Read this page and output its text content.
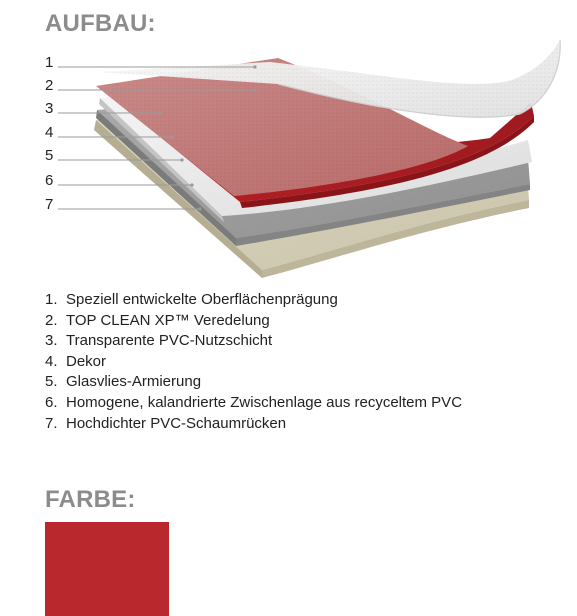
AUFBAU:
1
2
3
4
5
6
7
1. Speziell entwickelte Oberflächenprägung
2. TOP CLEAN XP™ Veredelung
3. Transparente PVC-Nutzschicht
4. Dekor
5. Glasvlies-Armierung
6. Homogene, kalandrierte Zwischenlage aus recyceltem PVC
7. Hochdichter PVC-Schaumrücken
FARBE:
